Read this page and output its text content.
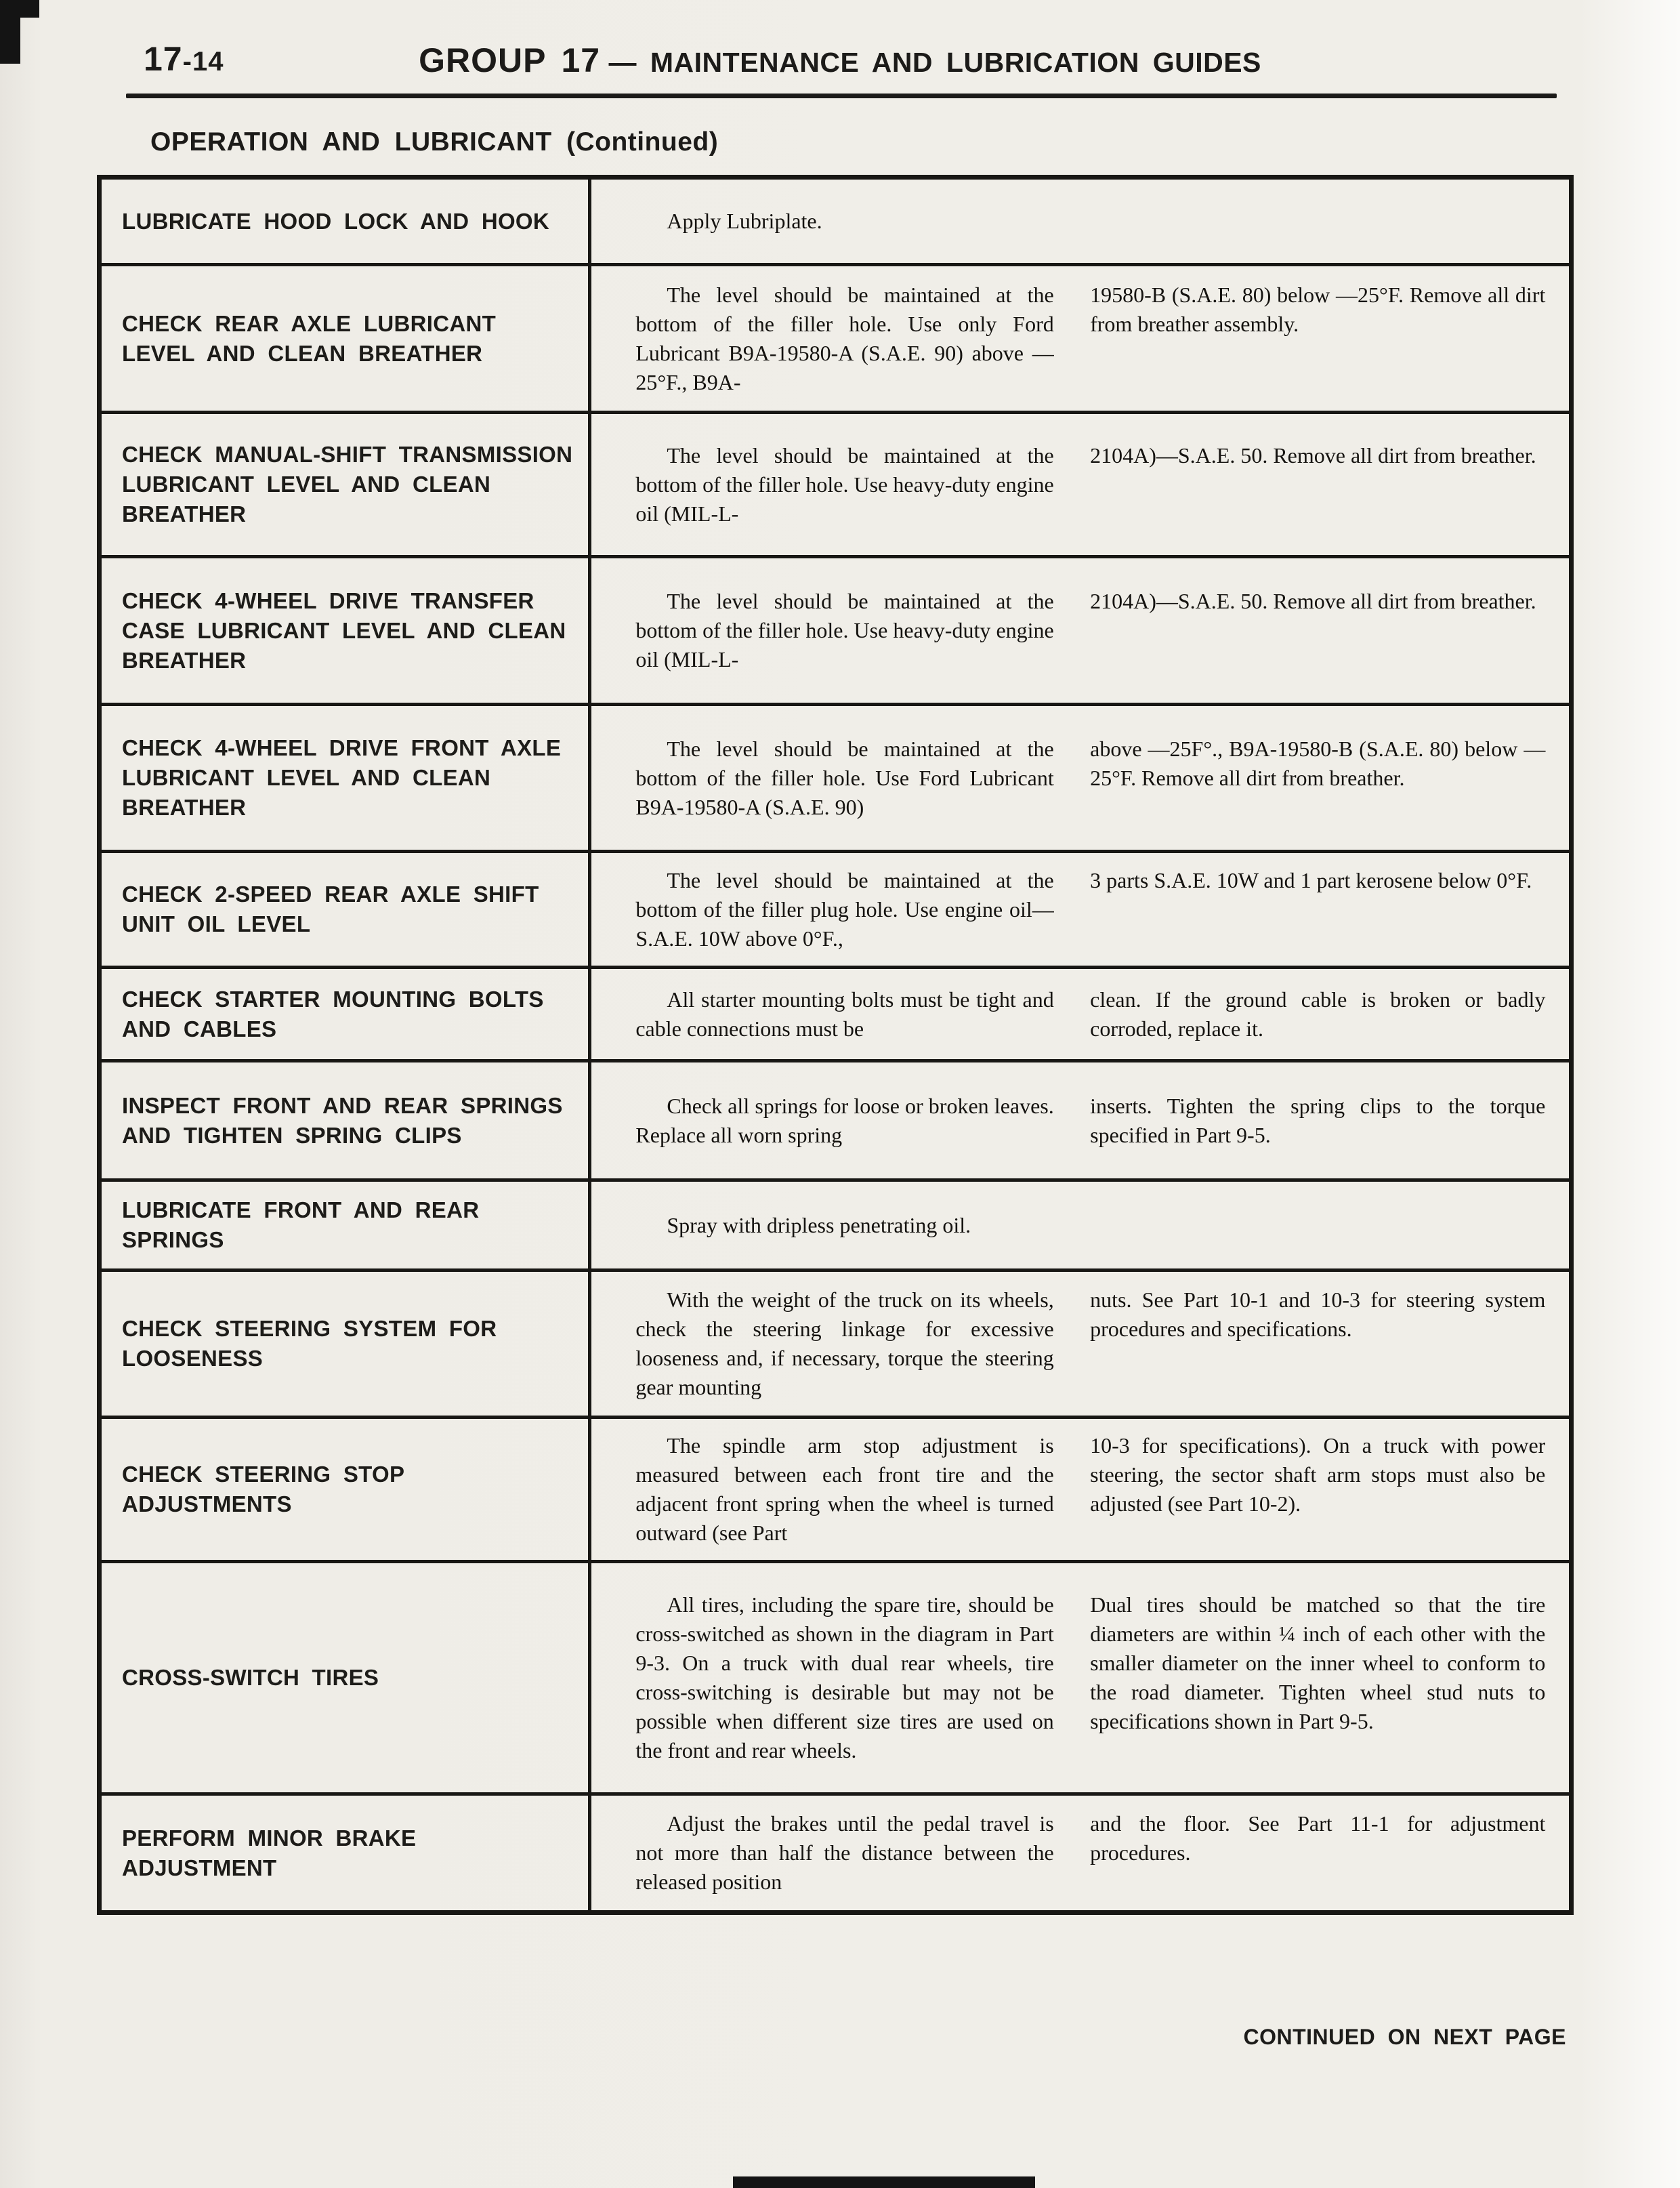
17-14	GROUP 17 — MAINTENANCE AND LUBRICATION GUIDES
OPERATION AND LUBRICANT (Continued)
LUBRICATE HOOD LOCK AND HOOK	Apply Lubriplate.

CHECK REAR AXLE LUBRICANT LEVEL AND CLEAN BREATHER

The level should be maintained at the bottom of the filler hole. Use only Ford Lubricant B9A-19580-A (S.A.E. 90) above —25°F., B9A-

19580-B (S.A.E. 80) below —25°F. Remove all dirt from breather assembly.

CHECK MANUAL-SHIFT TRANSMISSION LUBRICANT LEVEL AND CLEAN BREATHER

The level should be maintained at the bottom of the filler hole. Use heavy-duty engine oil (MIL-L-

2104A)—S.A.E. 50. Remove all dirt from breather.

CHECK 4-WHEEL DRIVE TRANSFER CASE LUBRICANT LEVEL AND CLEAN BREATHER

The level should be maintained at the bottom of the filler hole. Use heavy-duty engine oil (MIL-L-

2104A)—S.A.E. 50. Remove all dirt from breather.

CHECK 4-WHEEL DRIVE FRONT AXLE LUBRICANT LEVEL AND CLEAN BREATHER

The level should be maintained at the bottom of the filler hole. Use Ford Lubricant B9A-19580-A (S.A.E. 90)

above —25F°., B9A-19580-B (S.A.E. 80) below —25°F. Remove all dirt from breather.

CHECK 2-SPEED REAR AXLE SHIFT UNIT OIL LEVEL

The level should be maintained at the bottom of the filler plug hole. Use engine oil—S.A.E. 10W above 0°F.,

3 parts S.A.E. 10W and 1 part kerosene below 0°F.

CHECK STARTER MOUNTING BOLTS AND CABLES

All starter mounting bolts must be tight and cable connections must be

clean. If the ground cable is broken or badly corroded, replace it.

INSPECT FRONT AND REAR SPRINGS AND TIGHTEN SPRING CLIPS

Check all springs for loose or broken leaves. Replace all worn spring

inserts. Tighten the spring clips to the torque specified in Part 9-5.

LUBRICATE FRONT AND REAR SPRINGS

Spray with dripless penetrating oil.

CHECK STEERING SYSTEM FOR LOOSENESS

With the weight of the truck on its wheels, check the steering linkage for excessive looseness and, if necessary, torque the steering gear mounting

nuts. See Part 10-1 and 10-3 for steering system procedures and specifications.

CHECK STEERING STOP ADJUSTMENTS

The spindle arm stop adjustment is measured between each front tire and the adjacent front spring when the wheel is turned outward (see Part

10-3 for specifications). On a truck with power steering, the sector shaft arm stops must also be adjusted (see Part 10-2).

CROSS-SWITCH TIRES

All tires, including the spare tire, should be cross-switched as shown in the diagram in Part 9-3. On a truck with dual rear wheels, tire cross-switching is desirable but may not be possible when different size tires are used on the front and rear wheels.

Dual tires should be matched so that the tire diameters are within ¼ inch of each other with the smaller diameter on the inner wheel to conform to the road diameter. Tighten wheel stud nuts to specifications shown in Part 9-5.

PERFORM MINOR BRAKE ADJUSTMENT

Adjust the brakes until the pedal travel is not more than half the distance between the released position

and the floor. See Part 11-1 for adjustment procedures.

CONTINUED ON NEXT PAGE
